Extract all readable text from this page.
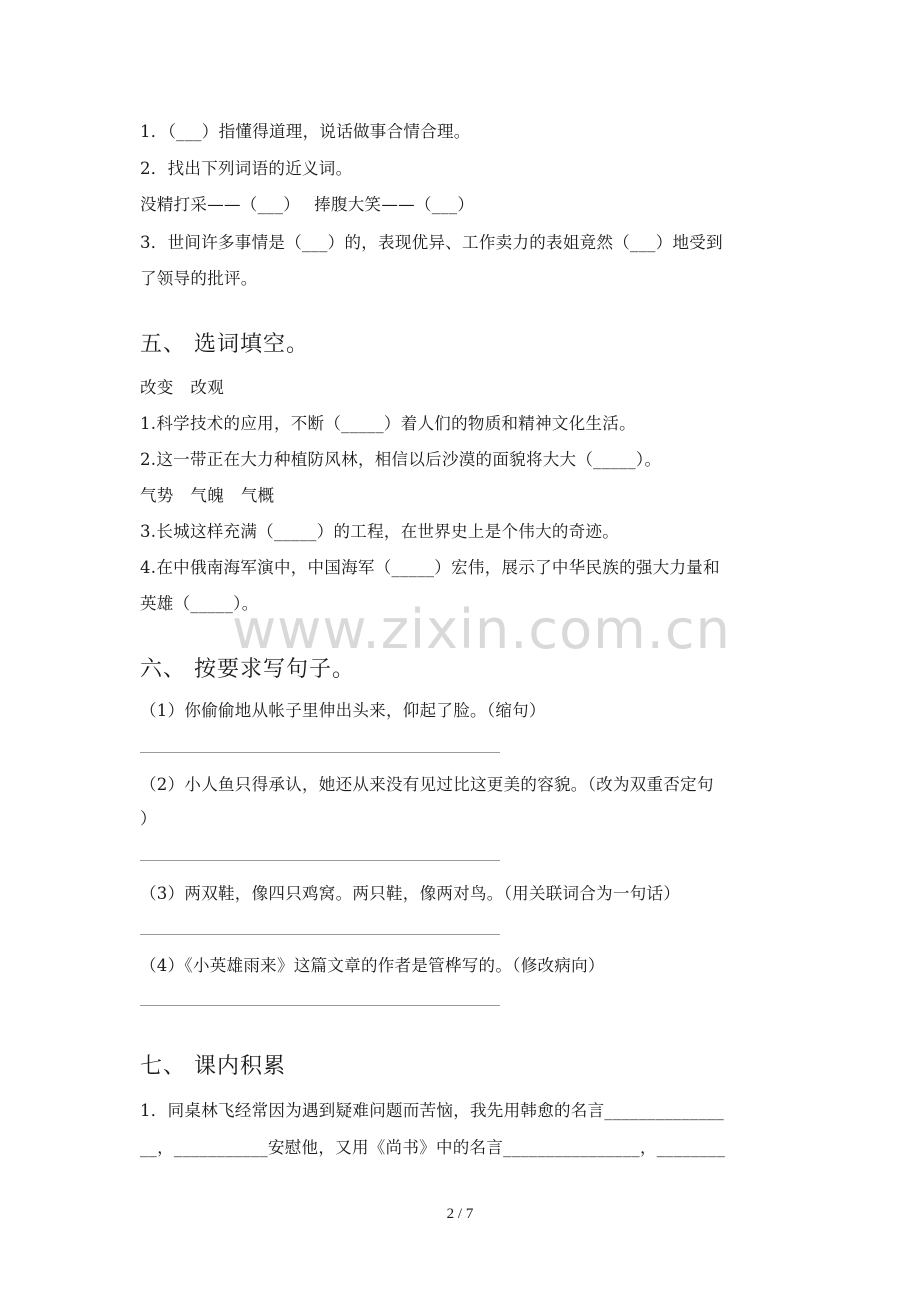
1．（___）指懂得道理，说话做事合情合理。
2．找出下列词语的近义词。
没精打采——（___）　 捧腹大笑——（___）
3．世间许多事情是（___）的，表现优异、工作卖力的表姐竟然（___）地受到
了领导的批评。
五、 选词填空。
改变　改观
1.科学技术的应用，不断（_____）着人们的物质和精神文化生活。
2.这一带正在大力种植防风林，相信以后沙漠的面貌将大大（_____）。
气势　气魄　气概
3.长城这样充满（_____）的工程，在世界史上是个伟大的奇迹。
4.在中俄南海军演中，中国海军（_____）宏伟，展示了中华民族的强大力量和
英雄（_____）。
www.zixin.com.cn
六、 按要求写句子。
（1）你偷偷地从帐子里伸出头来，仰起了脸。（缩句）
（2）小人鱼只得承认，她还从来没有见过比这更美的容貌。（改为双重否定句
）
（3）两双鞋，像四只鸡窝。两只鞋，像两对鸟。（用关联词合为一句话）
（4）《小英雄雨来》这篇文章的作者是管桦写的。（修改病向）
七、 课内积累
1．同桌林飞经常因为遇到疑难问题而苦恼，我先用韩愈的名言______________
__，___________安慰他，又用《尚书》中的名言________________，________
2 / 7
